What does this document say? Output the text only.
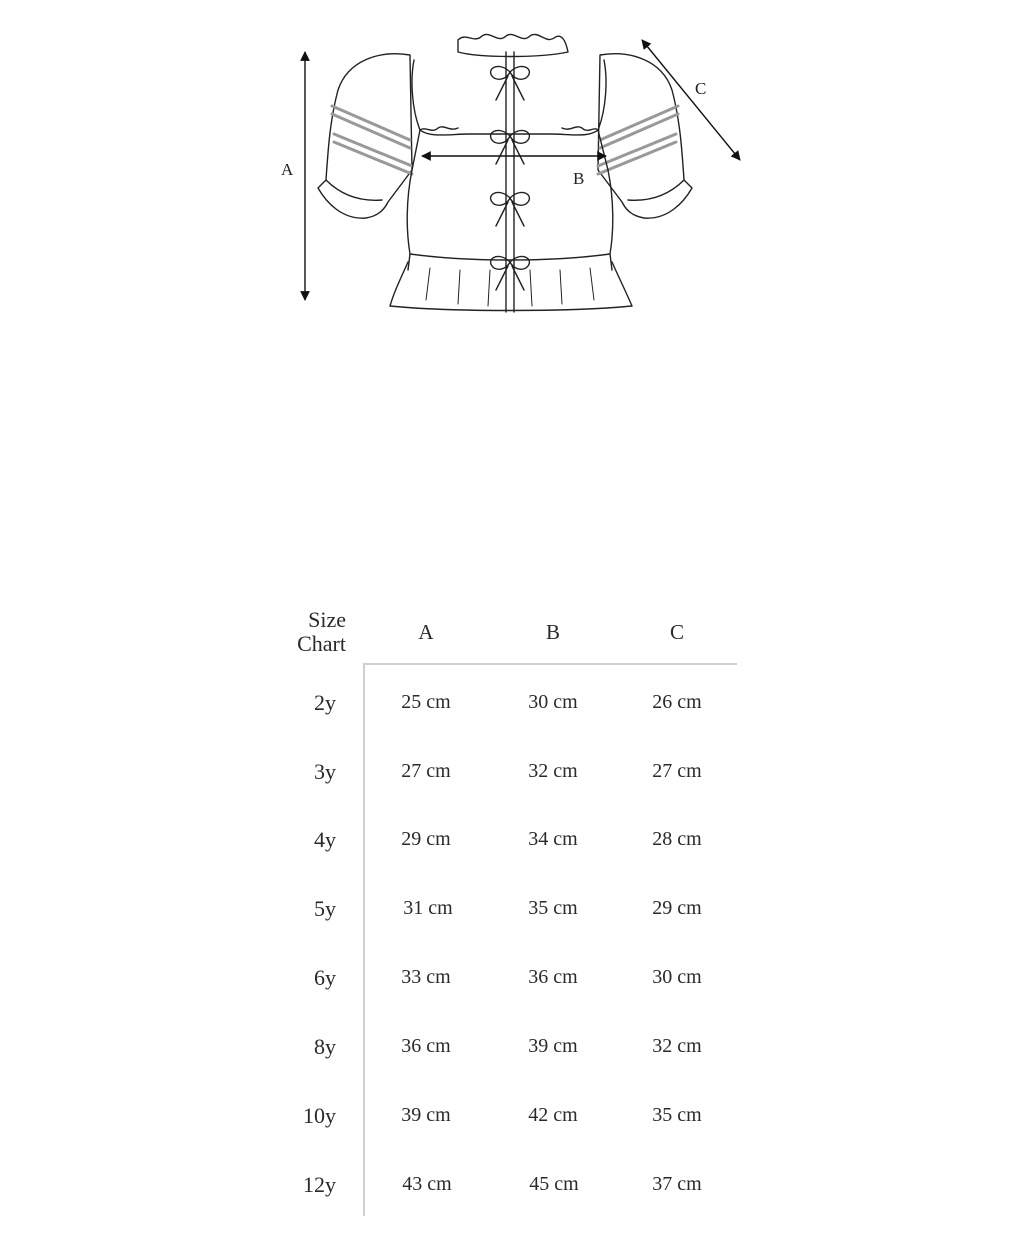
A	B
C
Size
Chart	A	B	C
2y	25 cm	30 cm	26 cm
3y	27 cm	32 cm	27 cm
4y	29 cm	34 cm	28 cm
5y	31 cm	35 cm	29 cm
6y	33 cm	36 cm	30 cm
8y	36 cm	39 cm	32 cm
10y	39 cm	42 cm	35 cm
12y	43 cm	45 cm	37 cm
